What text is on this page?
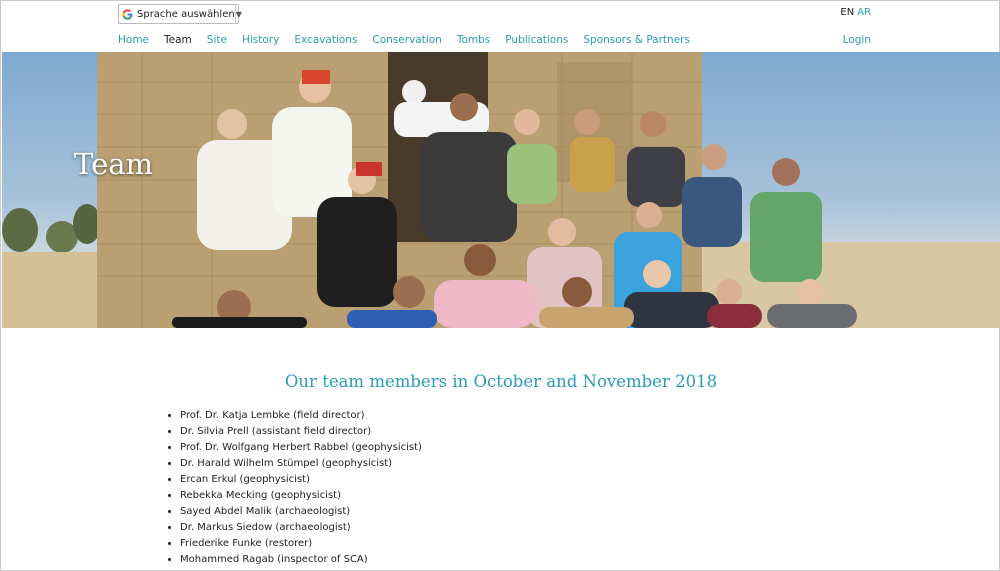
Sprache auswählen ▼	EN AR
Home Team Site History Excavations Conservation Tombs Publications Sponsors & Partners	Login
Team
Our team members in October and November 2018
• Prof. Dr. Katja Lembke (field director)
• Dr. Silvia Prell (assistant field director)
• Prof. Dr. Wolfgang Herbert Rabbel (geophysicist)
• Dr. Harald Wilhelm Stümpel (geophysicist)
• Ercan Erkul (geophysicist)
• Rebekka Mecking (geophysicist)
• Sayed Abdel Malik (archaeologist)
• Dr. Markus Siedow (archaeologist)
• Friederike Funke (restorer)
• Mohammed Ragab (inspector of SCA)
